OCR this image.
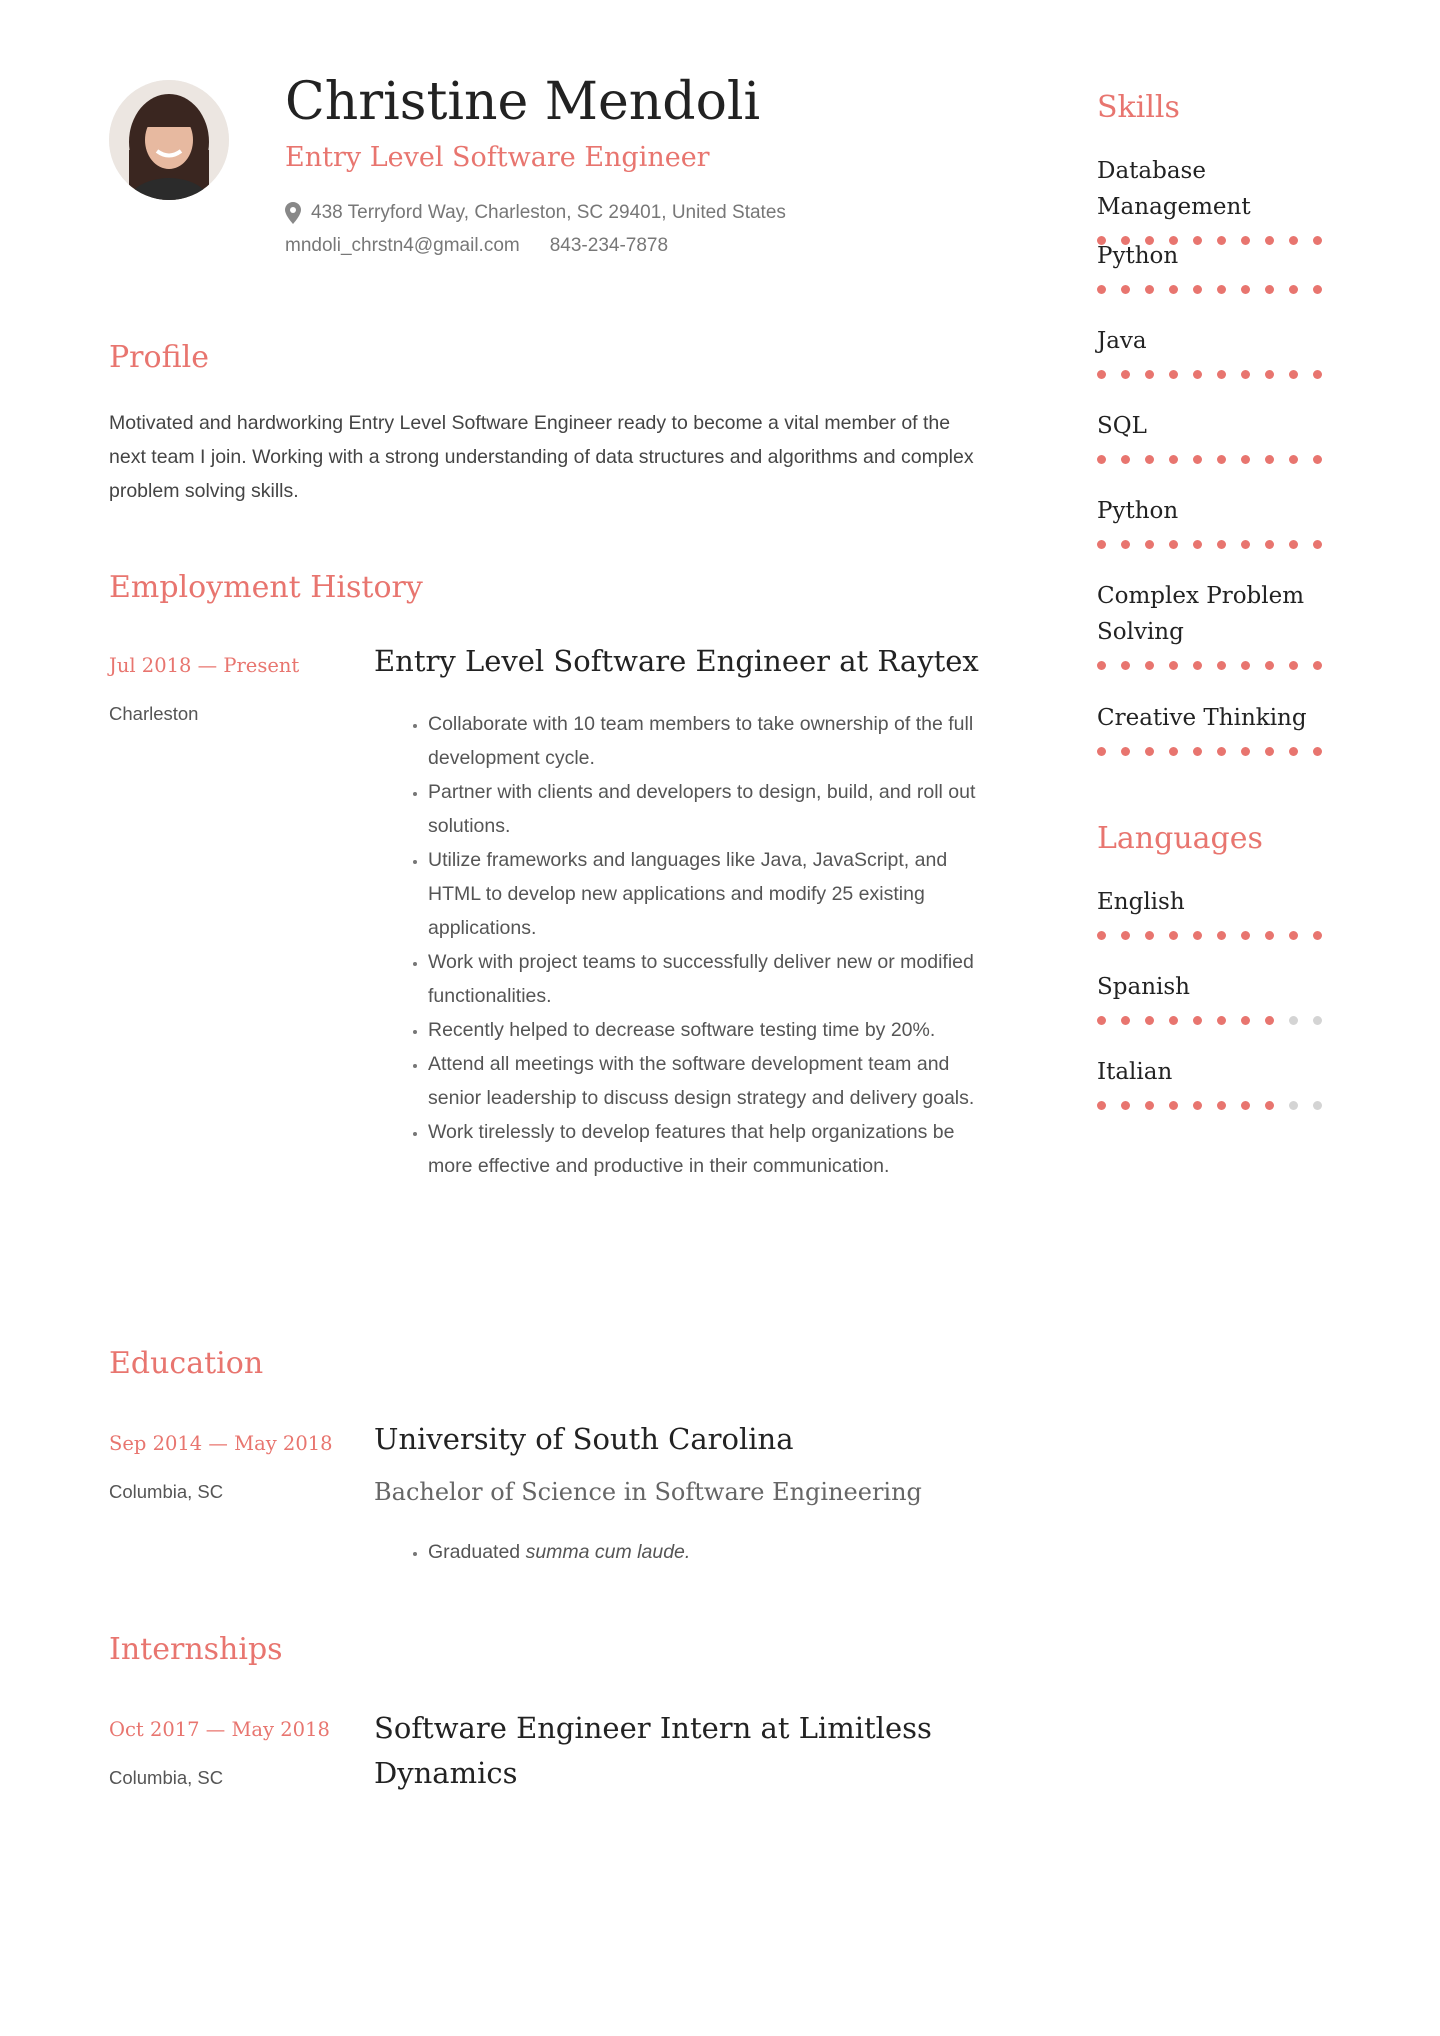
Christine Mendoli
Entry Level Software Engineer
438 Terryford Way, Charleston, SC 29401, United States
mndoli_chrstn4@gmail.com 843-234-7878
Profile

Motivated and hardworking Entry Level Software Engineer ready to become a vital member of the next team I join. Working with a strong understanding of data structures and algorithms and complex problem solving skills.

Employment History
Jul 2018 — Present
Charleston
Entry Level Software Engineer at Raytex
• Collaborate with 10 team members to take ownership of the full development cycle.
• Partner with clients and developers to design, build, and roll out solutions.
• Utilize frameworks and languages like Java, JavaScript, and HTML to develop new applications and modify 25 existing applications.
• Work with project teams to successfully deliver new or modified functionalities.
• Recently helped to decrease software testing time by 20%.
• Attend all meetings with the software development team and senior leadership to discuss design strategy and delivery goals.
• Work tirelessly to develop features that help organizations be more effective and productive in their communication.
Education
Sep 2014 — May 2018
Columbia, SC
University of South Carolina
Bachelor of Science in Software Engineering
• Graduated summa cum laude.
Internships
Oct 2017 — May 2018
Columbia, SC
Software Engineer Intern at Limitless Dynamics
Skills
Database Management
Python
Java
SQL
Python
Complex Problem Solving
Creative Thinking
Languages
English
Spanish
Italian
